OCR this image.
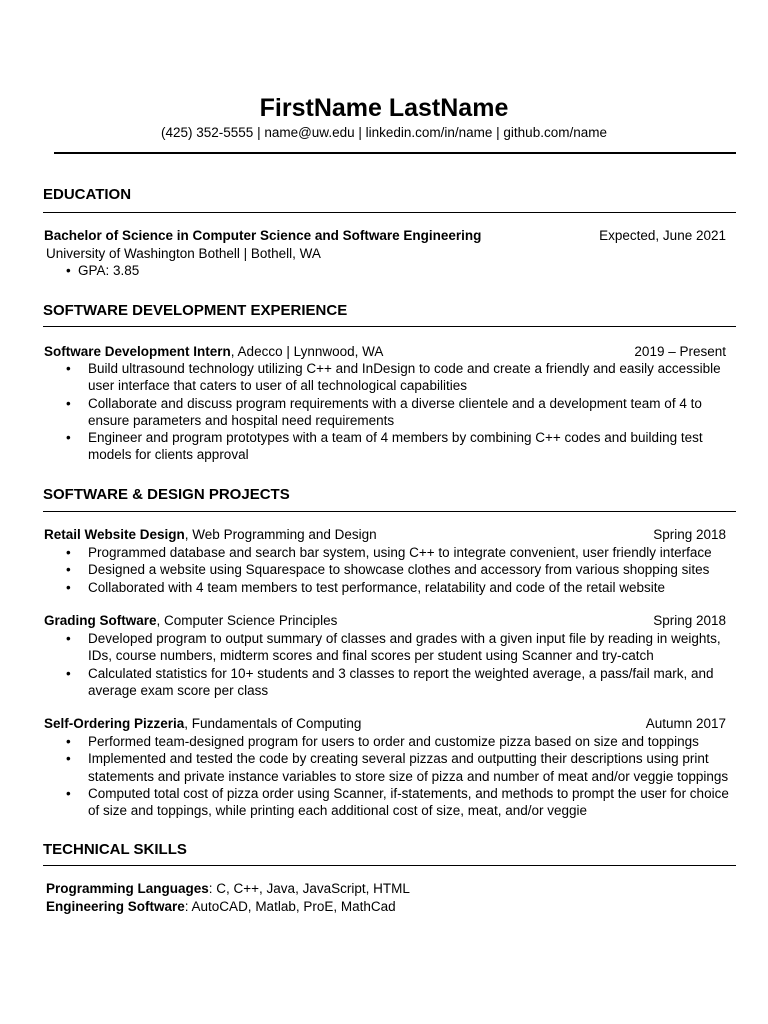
FirstName LastName
(425) 352-5555 | name@uw.edu | linkedin.com/in/name | github.com/name
EDUCATION
Bachelor of Science in Computer Science and Software Engineering	Expected, June 2021
University of Washington Bothell | Bothell, WA
• GPA: 3.85
SOFTWARE DEVELOPMENT EXPERIENCE
Software Development Intern, Adecco | Lynnwood, WA	2019 – Present
• Build ultrasound technology utilizing C++ and InDesign to code and create a friendly and easily accessible user interface that caters to user of all technological capabilities
• Collaborate and discuss program requirements with a diverse clientele and a development team of 4 to ensure parameters and hospital need requirements
• Engineer and program prototypes with a team of 4 members by combining C++ codes and building test models for clients approval
SOFTWARE & DESIGN PROJECTS
Retail Website Design, Web Programming and Design	Spring 2018
• Programmed database and search bar system, using C++ to integrate convenient, user friendly interface
• Designed a website using Squarespace to showcase clothes and accessory from various shopping sites
• Collaborated with 4 team members to test performance, relatability and code of the retail website
Grading Software, Computer Science Principles	Spring 2018
• Developed program to output summary of classes and grades with a given input file by reading in weights, IDs, course numbers, midterm scores and final scores per student using Scanner and try-catch
• Calculated statistics for 10+ students and 3 classes to report the weighted average, a pass/fail mark, and average exam score per class
Self-Ordering Pizzeria, Fundamentals of Computing	Autumn 2017
• Performed team-designed program for users to order and customize pizza based on size and toppings
• Implemented and tested the code by creating several pizzas and outputting their descriptions using print statements and private instance variables to store size of pizza and number of meat and/or veggie toppings
• Computed total cost of pizza order using Scanner, if-statements, and methods to prompt the user for choice of size and toppings, while printing each additional cost of size, meat, and/or veggie
TECHNICAL SKILLS
Programming Languages: C, C++, Java, JavaScript, HTML
Engineering Software: AutoCAD, Matlab, ProE, MathCad
